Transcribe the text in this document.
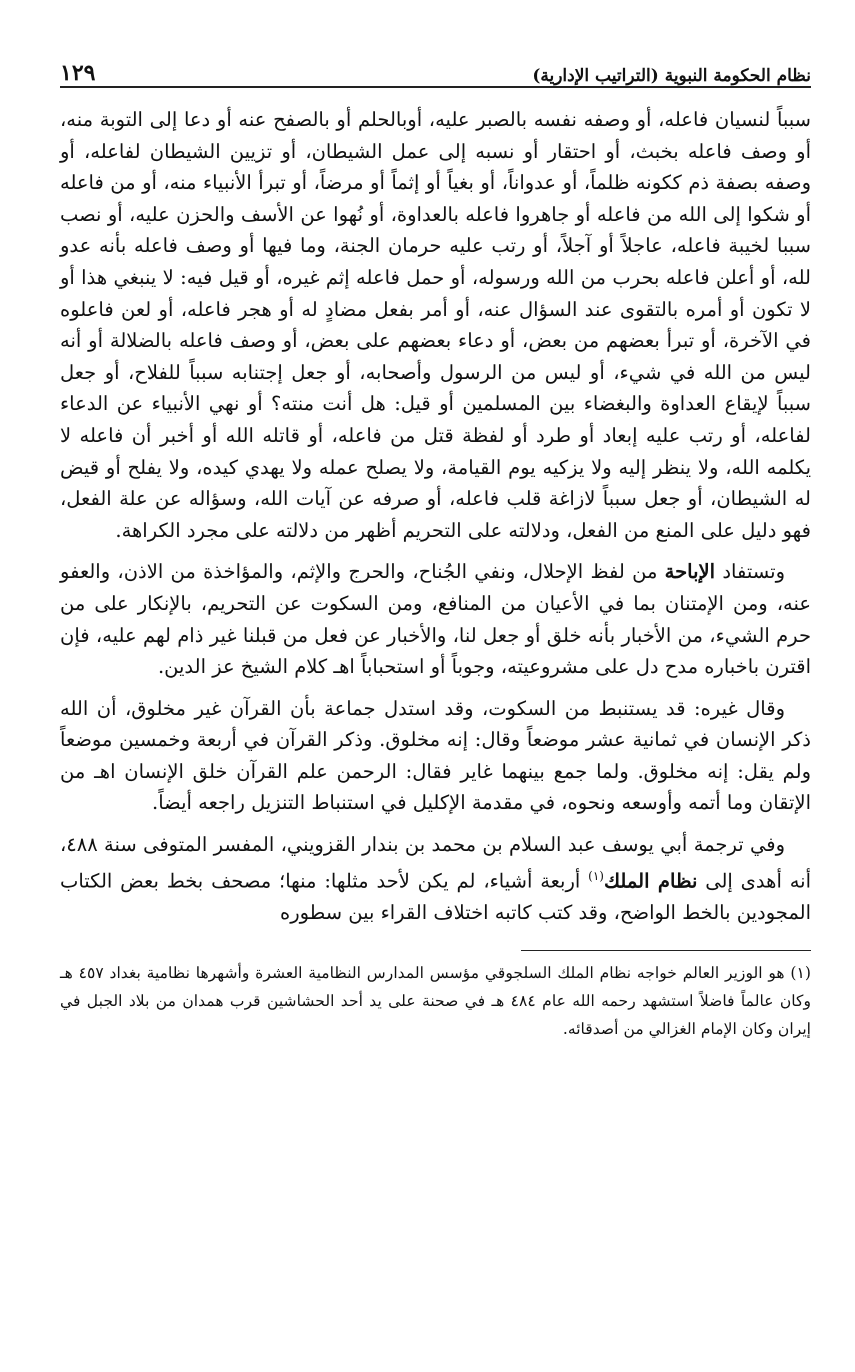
نظام الحكومة النبوية (التراتيب الإدارية)
١٢٩

سبباً لنسيان فاعله، أو وصفه نفسه بالصبر عليه، أوبالحلم أو بالصفح عنه أو دعا إلى التوبة منه، أو وصف فاعله بخبث، أو احتقار أو نسبه إلى عمل الشيطان، أو تزيين الشيطان لفاعله، أو وصفه بصفة ذم ككونه ظلماً، أو عدواناً، أو بغياً أو إثماً أو مرضاً، أو تبرأ الأنبياء منه، أو من فاعله أو شكوا إلى الله من فاعله أو جاهروا فاعله بالعداوة، أو نُهوا عن الأسف والحزن عليه، أو نصب سببا لخيبة فاعله، عاجلاً أو آجلاً، أو رتب عليه حرمان الجنة، وما فيها أو وصف فاعله بأنه عدو لله، أو أعلن فاعله بحرب من الله ورسوله، أو حمل فاعله إثم غيره، أو قيل فيه: لا ينبغي هذا أو لا تكون أو أمره بالتقوى عند السؤال عنه، أو أمر بفعل مضادٍ له أو هجر فاعله، أو لعن فاعلوه في الآخرة، أو تبرأ بعضهم من بعض، أو دعاء بعضهم على بعض، أو وصف فاعله بالضلالة أو أنه ليس من الله في شيء، أو ليس من الرسول وأصحابه، أو جعل إجتنابه سبباً للفلاح، أو جعل سبباً لإيقاع العداوة والبغضاء بين المسلمين أو قيل: هل أنت منته؟ أو نهي الأنبياء عن الدعاء لفاعله، أو رتب عليه إبعاد أو طرد أو لفظة قتل من فاعله، أو قاتله الله أو أخبر أن فاعله لا يكلمه الله، ولا ينظر إليه ولا يزكيه يوم القيامة، ولا يصلح عمله ولا يهدي كيده، ولا يفلح أو قيض له الشيطان، أو جعل سبباً لازاغة قلب فاعله، أو صرفه عن آيات الله، وسؤاله عن علة الفعل، فهو دليل على المنع من الفعل، ودلالته على التحريم أظهر من دلالته على مجرد الكراهة.

وتستفاد الإباحة من لفظ الإحلال، ونفي الجُناح، والحرج والإثم، والمؤاخذة من الاذن، والعفو عنه، ومن الإمتنان بما في الأعيان من المنافع، ومن السكوت عن التحريم، بالإنكار على من حرم الشيء، من الأخبار بأنه خلق أو جعل لنا، والأخبار عن فعل من قبلنا غير ذام لهم عليه، فإن اقترن باخباره مدح دل على مشروعيته، وجوباً أو استحباباً اهـ كلام الشيخ عز الدين.

وقال غيره: قد يستنبط من السكوت، وقد استدل جماعة بأن القرآن غير مخلوق، أن الله ذكر الإنسان في ثمانية عشر موضعاً وقال: إنه مخلوق. وذكر القرآن في أربعة وخمسين موضعاً ولم يقل: إنه مخلوق. ولما جمع بينهما غاير فقال: الرحمن علم القرآن خلق الإنسان اهـ من الإتقان وما أتمه وأوسعه ونحوه، في مقدمة الإكليل في استنباط التنزيل راجعه أيضاً.

وفي ترجمة أبي يوسف عبد السلام بن محمد بن بندار القزويني، المفسر المتوفى سنة ٤٨٨، أنه أهدى إلى نظام الملك$^{(١)}$ أربعة أشياء، لم يكن لأحد مثلها: منها؛ مصحف بخط بعض الكتاب المجودين بالخط الواضح، وقد كتب كاتبه اختلاف القراء بين سطوره

(١) هو الوزير العالم خواجه نظام الملك السلجوقي مؤسس المدارس النظامية العشرة وأشهرها نظامية بغداد ٤٥٧ هـ وكان عالماً فاضلاً استشهد رحمه الله عام ٤٨٤ هـ في صحنة على يد أحد الحشاشين قرب همدان من بلاد الجبل في إيران وكان الإمام الغزالي من أصدقائه.
